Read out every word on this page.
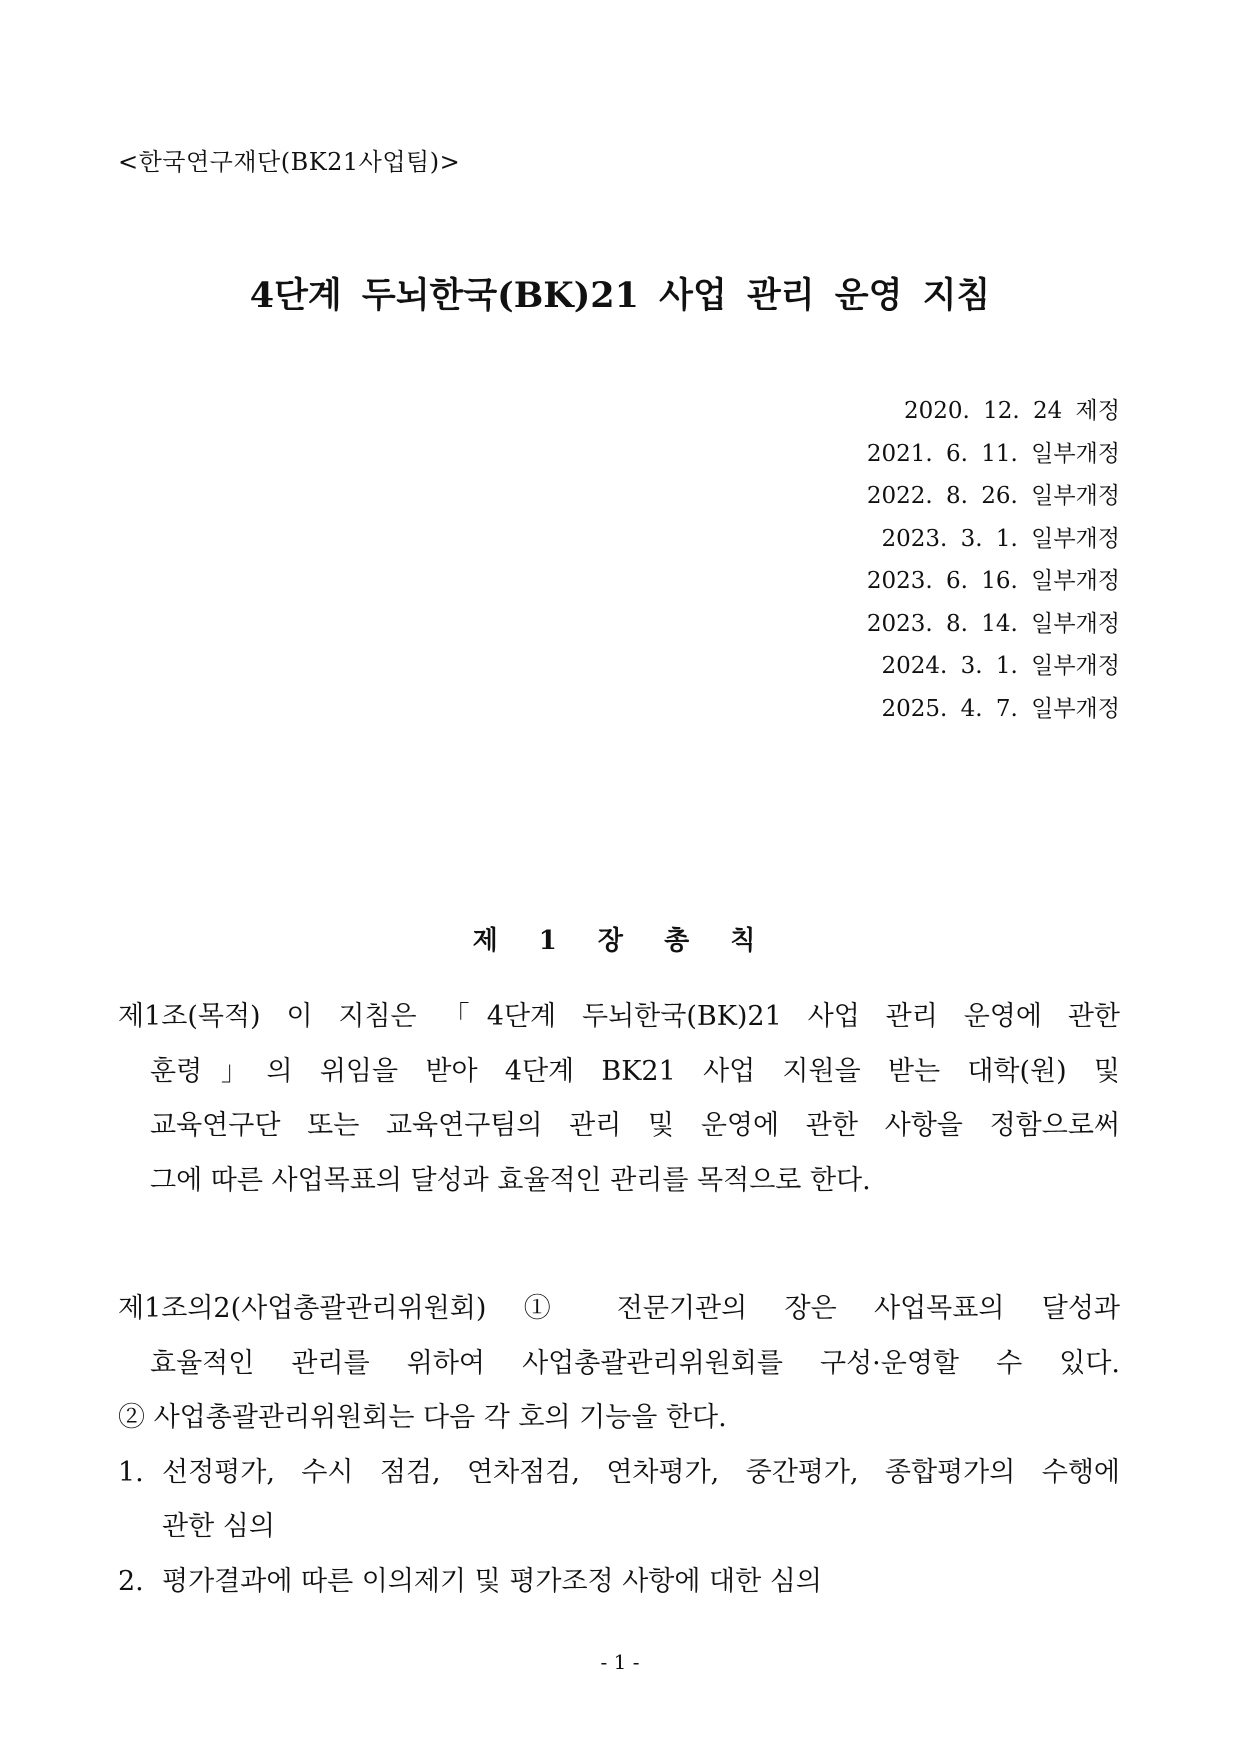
<한국연구재단(BK21사업팀)>
4단계 두뇌한국(BK)21 사업 관리 운영 지침
2020. 12. 24 제정
2021. 6. 11. 일부개정
2022. 8. 26. 일부개정
2023. 3. 1. 일부개정
2023. 6. 16. 일부개정
2023. 8. 14. 일부개정
2024. 3. 1. 일부개정
2025. 4. 7. 일부개정
제 1 장 총 칙
제1조(목적) 이 지침은 「4단계 두뇌한국(BK)21 사업 관리 운영에 관한
훈령」의 위임을 받아 4단계 BK21 사업 지원을 받는 대학(원) 및
교육연구단 또는 교육연구팀의 관리 및 운영에 관한 사항을 정함으로써
그에 따른 사업목표의 달성과 효율적인 관리를 목적으로 한다.
제1조의2(사업총괄관리위원회) ① 전문기관의 장은 사업목표의 달성과
효율적인 관리를 위하여 사업총괄관리위원회를 구성·운영할 수 있다.
② 사업총괄관리위원회는 다음 각 호의 기능을 한다.
1. 선정평가, 수시 점검, 연차점검, 연차평가, 중간평가, 종합평가의 수행에
관한 심의
2. 평가결과에 따른 이의제기 및 평가조정 사항에 대한 심의
- 1 -
